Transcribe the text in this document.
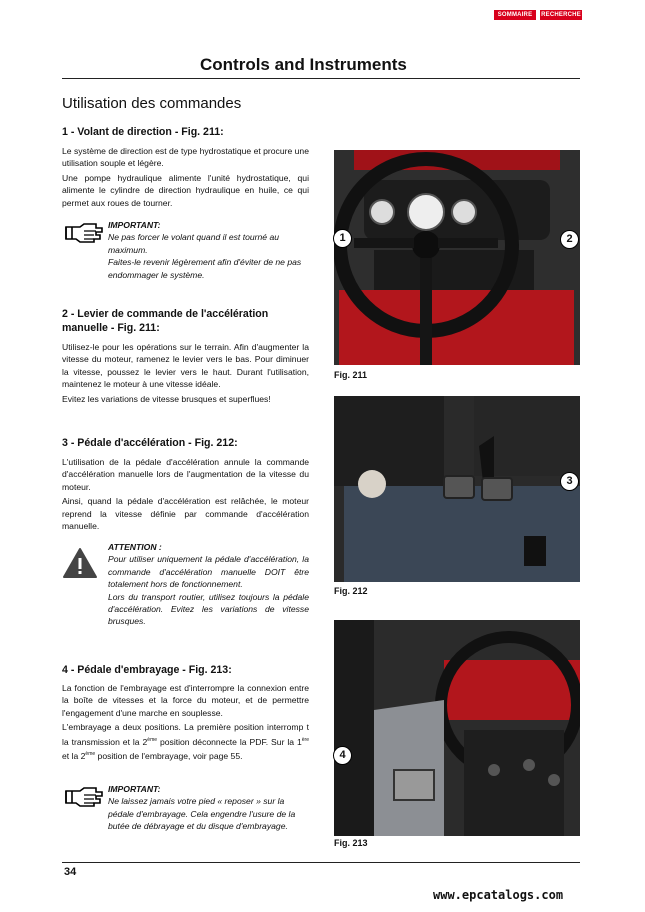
SOMMAIRE	RECHERCHE
Controls and Instruments
Utilisation des commandes
1 - Volant de direction - Fig. 211:
Le système de direction est de type hydrostatique et procure une utilisation souple et légère.
Une pompe hydraulique alimente l'unité hydrostatique, qui alimente le cylindre de direction hydraulique en huile, ce qui permet aux roues de tourner.
IMPORTANT:
Ne pas forcer le volant quand il est tourné au maximum.
Faites-le revenir légèrement afin d'éviter de ne pas endommager le système.
2 - Levier de commande de l'accélération manuelle - Fig. 211:
Utilisez-le pour les opérations sur le terrain. Afin d'augmenter la vitesse du moteur, ramenez le levier vers le bas. Pour diminuer la vitesse, poussez le levier vers le haut. Durant l'utilisation, maintenez le moteur à une vitesse idéale.
Evitez les variations de vitesse brusques et superflues!
3 - Pédale d'accélération - Fig. 212:
L'utilisation de la pédale d'accélération annule la commande d'accélération manuelle lors de l'augmentation de la vitesse du moteur.
Ainsi, quand la pédale d'accélération est relâchée, le moteur reprend la vitesse définie par commande d'accélération manuelle.
ATTENTION :
Pour utiliser uniquement la pédale d'accélération, la commande d'accélération manuelle DOIT être totalement hors de fonctionnement.
Lors du transport routier, utilisez toujours la pédale d'accélération. Evitez les variations de vitesse brusques.
4 - Pédale d'embrayage - Fig. 213:
La fonction de l'embrayage est d'interrompre la connexion entre la boîte de vitesses et la force du moteur, et de permettre l'engagement d'une marche en souplesse.
L'embrayage a deux positions. La première position interromp t la transmission et la 2ème position déconnecte la PDF. Sur la 1ère et la 2ème position de l'embrayage, voir page 55.
IMPORTANT:
Ne laissez jamais votre pied « reposer » sur la pédale d'embrayage. Cela engendre l'usure de la butée de débrayage et du disque d'embrayage.
1	2
Fig. 211
3
Fig. 212
4
Fig. 213
34
www.epcatalogs.com
